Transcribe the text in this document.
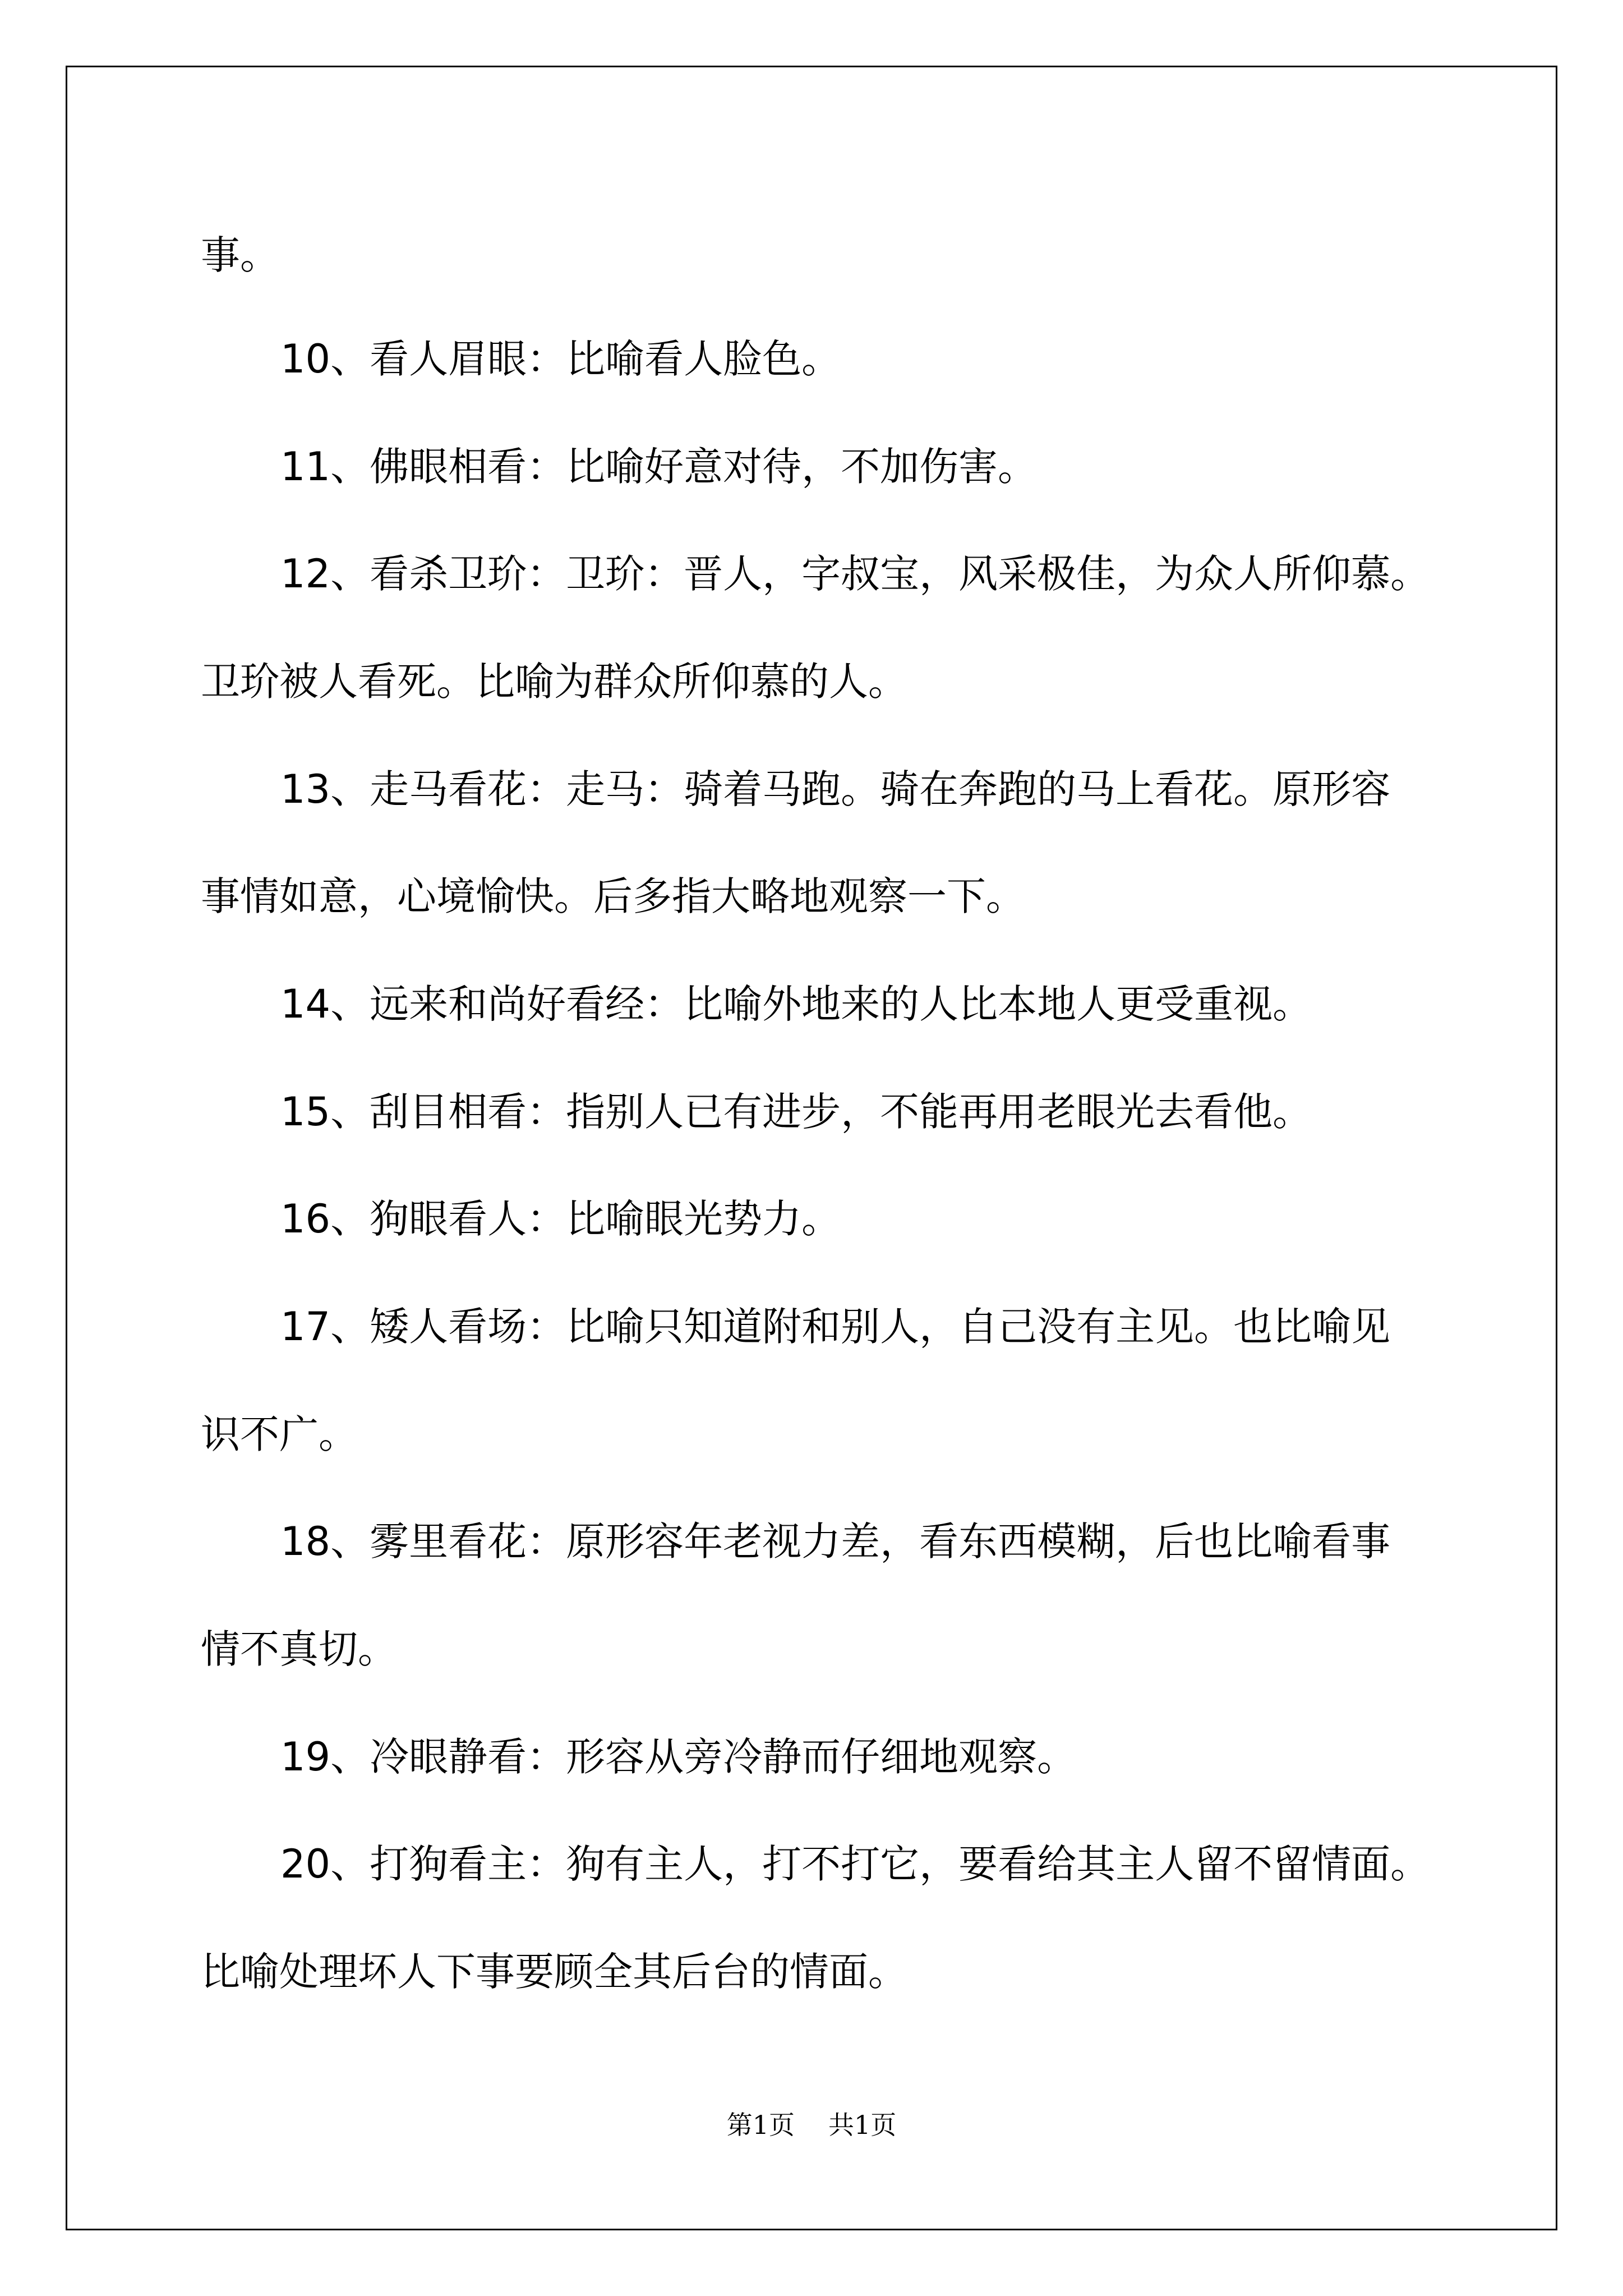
事。

10、看人眉眼：比喻看人脸色。

11、佛眼相看：比喻好意对待，不加伤害。

12、看杀卫玠：卫玠：晋人，字叔宝，风采极佳，为众人所仰慕。

卫玠被人看死。比喻为群众所仰慕的人。

13、走马看花：走马：骑着马跑。骑在奔跑的马上看花。原形容

事情如意，心境愉快。后多指大略地观察一下。

14、远来和尚好看经：比喻外地来的人比本地人更受重视。

15、刮目相看：指别人已有进步，不能再用老眼光去看他。

16、狗眼看人：比喻眼光势力。

17、矮人看场：比喻只知道附和别人，自己没有主见。也比喻见

识不广。

18、雾里看花：原形容年老视力差，看东西模糊，后也比喻看事

情不真切。

19、冷眼静看：形容从旁冷静而仔细地观察。

20、打狗看主：狗有主人，打不打它，要看给其主人留不留情面。

比喻处理坏人下事要顾全其后台的情面。

第1页 共1页
